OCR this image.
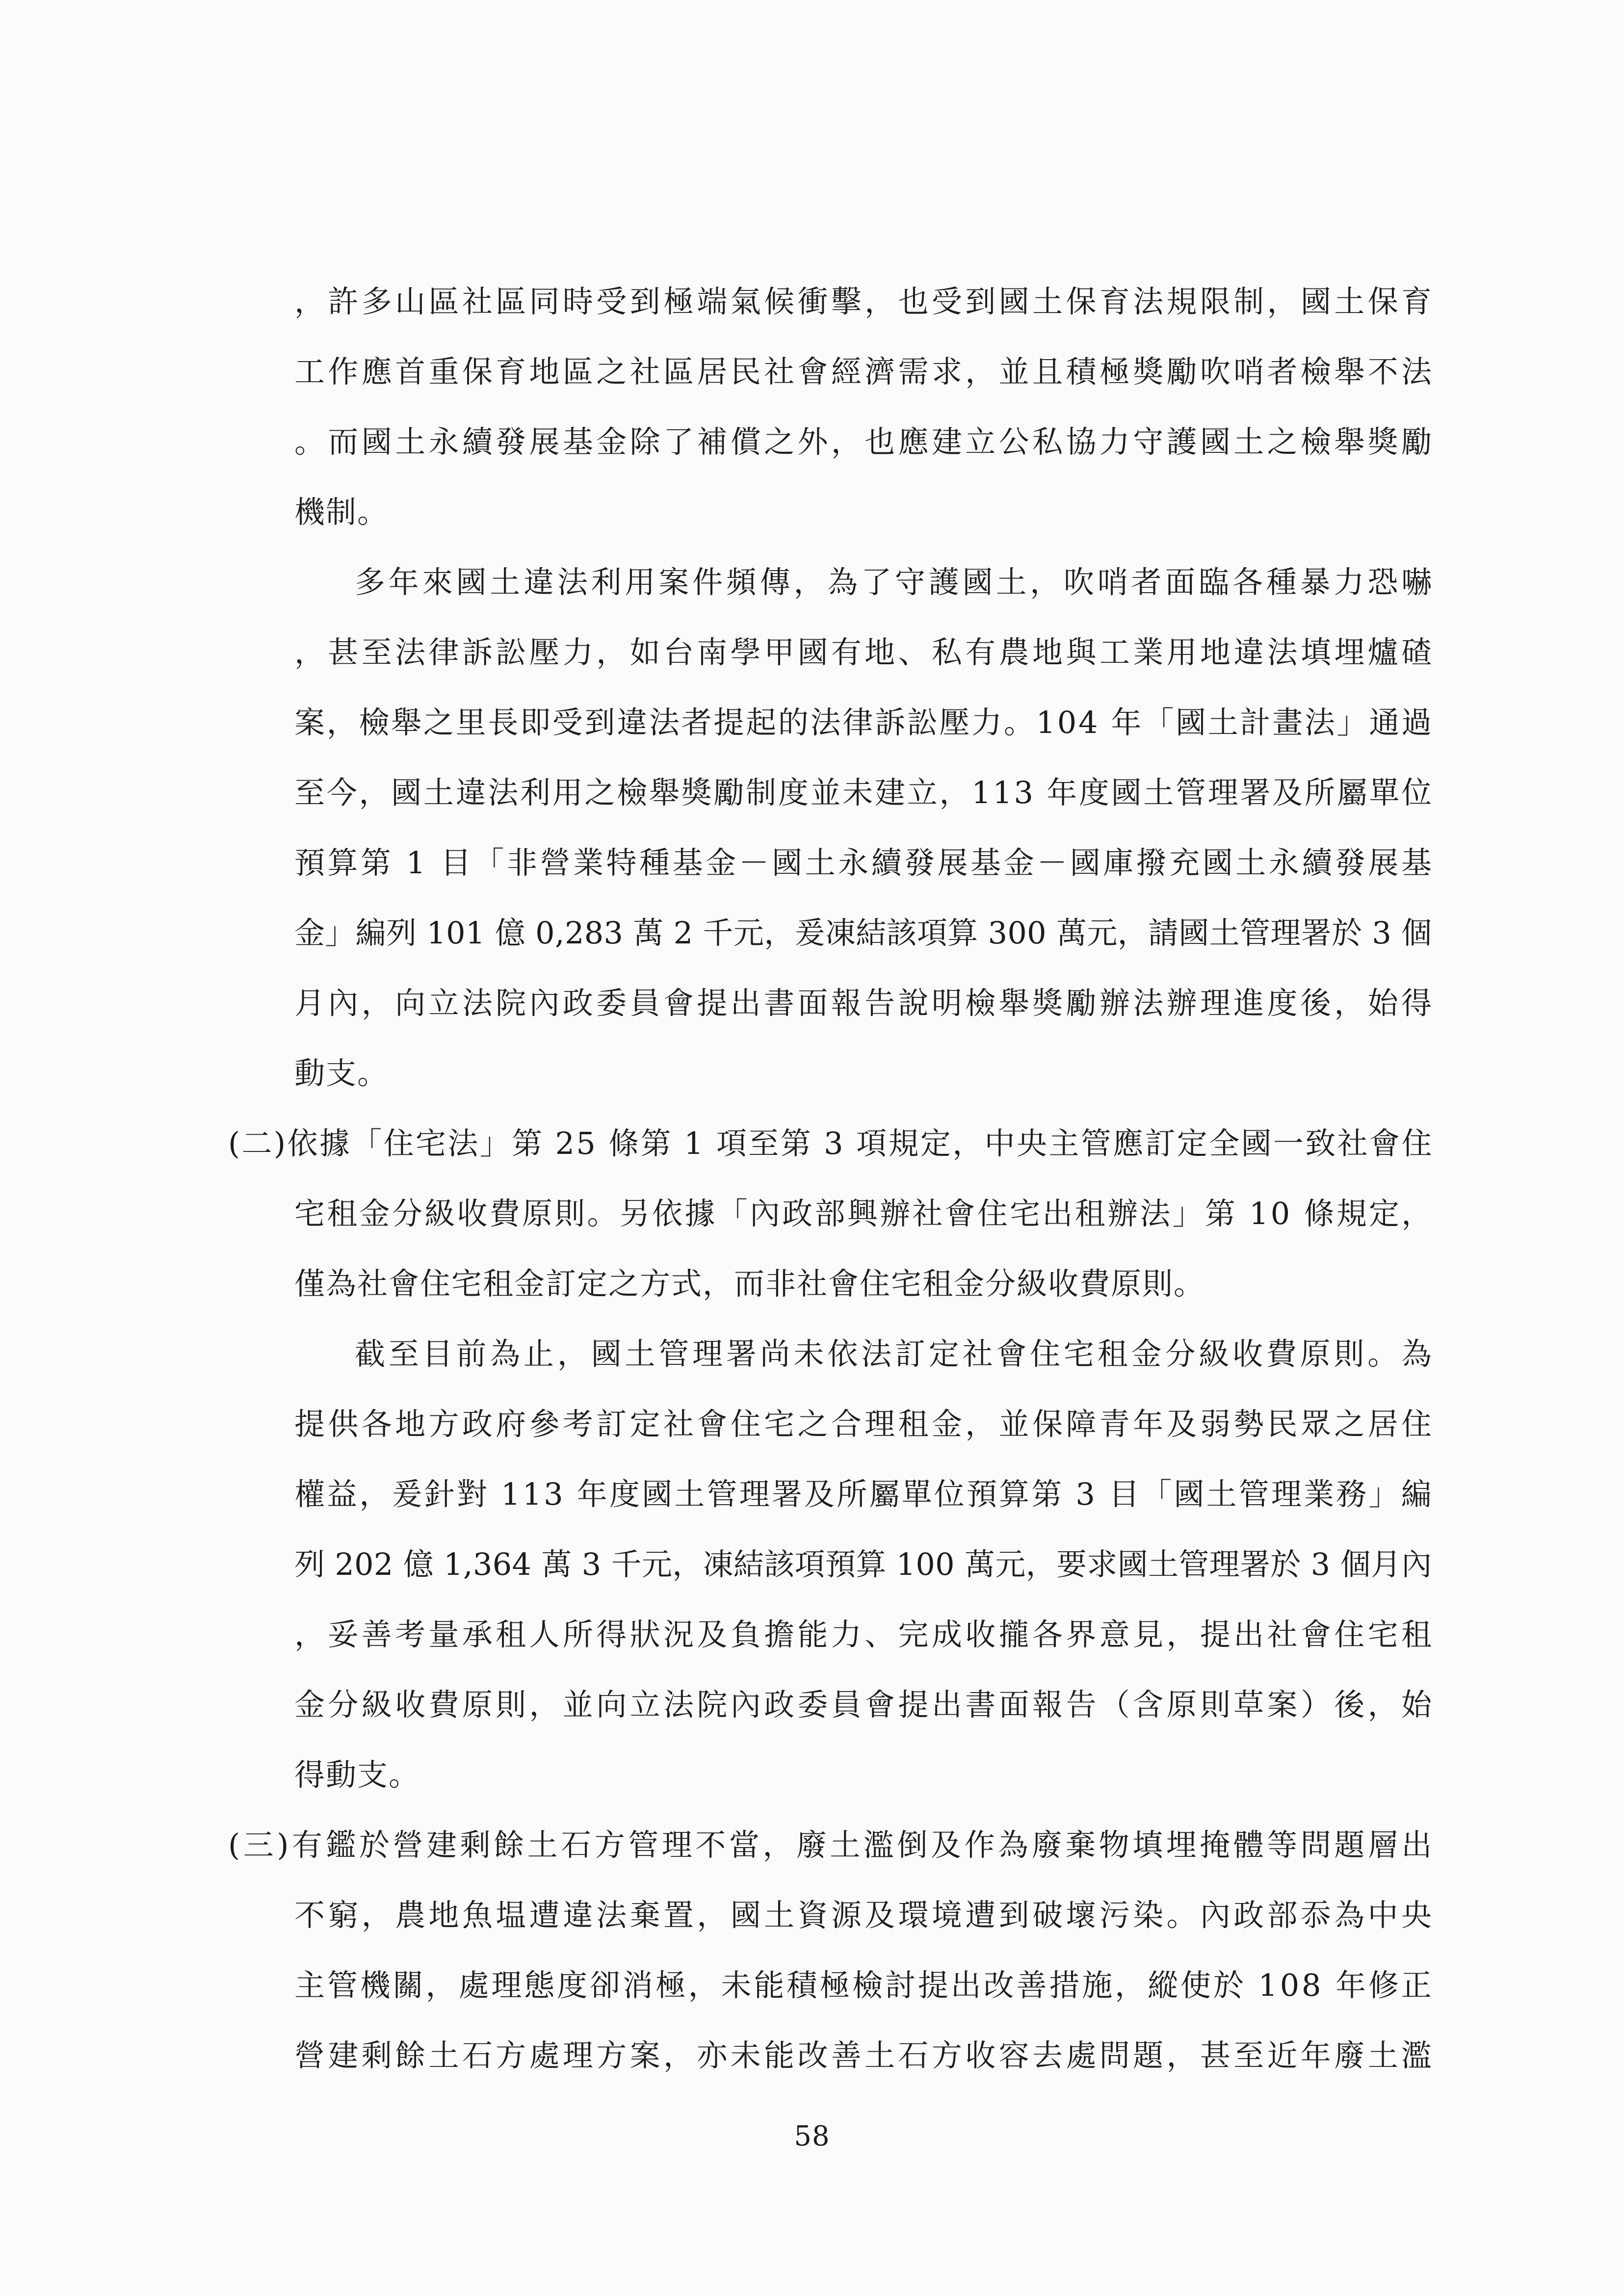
，許多山區社區同時受到極端氣候衝擊，也受到國土保育法規限制，國土保育
工作應首重保育地區之社區居民社會經濟需求，並且積極獎勵吹哨者檢舉不法
。而國土永續發展基金除了補償之外，也應建立公私協力守護國土之檢舉獎勵
機制。
多年來國土違法利用案件頻傳，為了守護國土，吹哨者面臨各種暴力恐嚇
，甚至法律訴訟壓力，如台南學甲國有地、私有農地與工業用地違法填埋爐碴
案，檢舉之里長即受到違法者提起的法律訴訟壓力。104 年「國土計畫法」通過
至今，國土違法利用之檢舉獎勵制度並未建立，113 年度國土管理署及所屬單位
預算第 1 目「非營業特種基金－國土永續發展基金－國庫撥充國土永續發展基
金」編列 101 億 0,283 萬 2 千元，爰凍結該項算 300 萬元，請國土管理署於 3 個
月內，向立法院內政委員會提出書面報告說明檢舉獎勵辦法辦理進度後，始得
動支。
(二)依據「住宅法」第 25 條第 1 項至第 3 項規定，中央主管應訂定全國一致社會住
宅租金分級收費原則。另依據「內政部興辦社會住宅出租辦法」第 10 條規定，
僅為社會住宅租金訂定之方式，而非社會住宅租金分級收費原則。
截至目前為止，國土管理署尚未依法訂定社會住宅租金分級收費原則。為
提供各地方政府參考訂定社會住宅之合理租金，並保障青年及弱勢民眾之居住
權益，爰針對 113 年度國土管理署及所屬單位預算第 3 目「國土管理業務」編
列 202 億 1,364 萬 3 千元，凍結該項預算 100 萬元，要求國土管理署於 3 個月內
，妥善考量承租人所得狀況及負擔能力、完成收攏各界意見，提出社會住宅租
金分級收費原則，並向立法院內政委員會提出書面報告（含原則草案）後，始
得動支。
(三)有鑑於營建剩餘土石方管理不當，廢土濫倒及作為廢棄物填埋掩體等問題層出
不窮，農地魚塭遭違法棄置，國土資源及環境遭到破壞污染。內政部忝為中央
主管機關，處理態度卻消極，未能積極檢討提出改善措施，縱使於 108 年修正
營建剩餘土石方處理方案，亦未能改善土石方收容去處問題，甚至近年廢土濫
58
